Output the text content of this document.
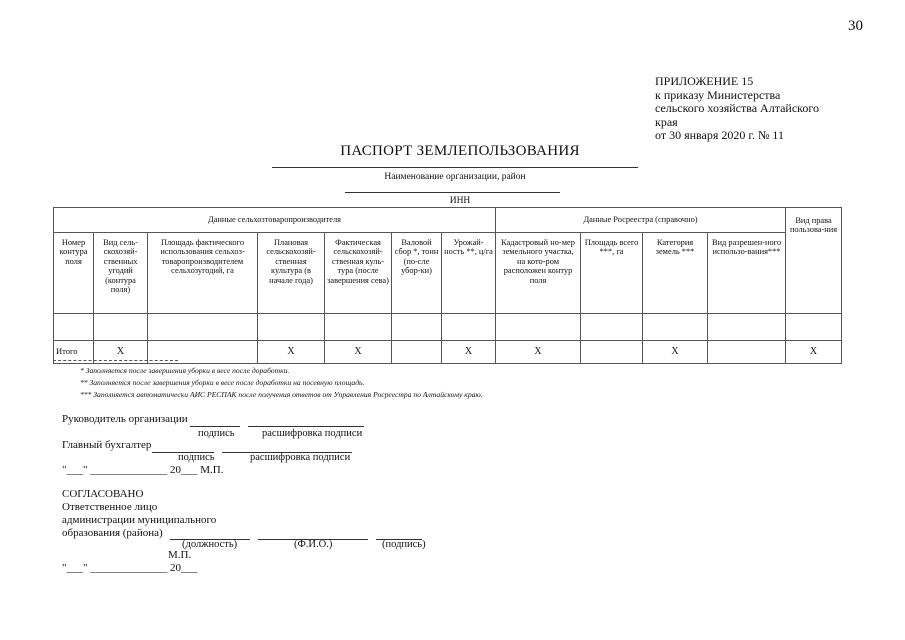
30
ПРИЛОЖЕНИЕ 15
к приказу Министерства
сельского хозяйства Алтайского
края
от 30 января 2020 г. № 11
ПАСПОРТ ЗЕМЛЕПОЛЬЗОВАНИЯ
Наименование организации, район
ИНН
Данные сельхозтоваропроизводителя							Данные Росреестра (справочно)				Вид права пользова-ния
Номер контура поля	Вид сель-скохозяй-ственных угодий (контура поля)	Площадь фактического использования сельхоз-товаропроизводителем сельхозугодий, га	Плановая сельскохозяй-ственная культура (в начале года)	Фактическая сельскохозяй-ственная куль-тура (после завершения сева)	Валовой сбор *, тонн (по-сле убор-ки)	Урожай-ность **, ц/га	Кадастровый но-мер земельного участка, на кото-ром расположен контур поля	Площадь всего ***, га	Категория земель ***	Вид разрешен-ного использо-вания***	

Итого	Х		Х	Х		Х	Х		Х		Х
* Заполняется после завершения уборки в весе после доработки.
** Заполняется после завершения уборки в весе после доработки на посевную площадь.
*** Заполняется автоматически АИС РЕСПАК после получения ответов от Управления Росреестра по Алтайскому краю.
Руководитель организации
подпись	расшифровка подписи
Главный бухгалтер
подпись	расшифровка подписи
"___" ______________ 20___ М.П.
СОГЛАСОВАНО
Ответственное лицо
администрации муниципального
образования (района)
(должность)	(Ф.И.О.)	(подпись)
М.П.
"___" ______________ 20___
